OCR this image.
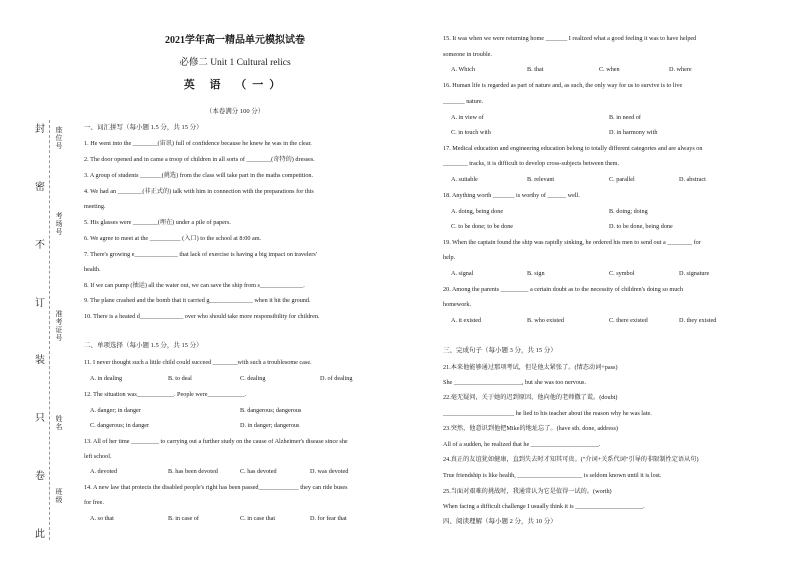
封
密
不
订
装
只
卷
此
座位号
考场号
准考证号
姓名
班级
2021学年高一精品单元模拟试卷
必修二 Unit 1 Cultural relics
英 语 （一）
（本卷满分 100 分）
一、词汇拼写（每小题 1.5 分，共 15 分）
1. He went into the ________(宙讯) full of confidence because he knew he was in the clear.
2. The door opened and in came a troop of children in all sorts of ________(奇特的) dresses.
3. A group of students _______(挑选) from the class will take part in the maths competition.
4. We had an ________(非正式的) talk with him in connection with the preparations for this
meeting.
5. His glasses were ________(埋在) under a pile of papers.
6. We agree to meet at the __________ (入口) to the school at 8:00 am.
7. There's growing e______________ that lack of exercise is having a big impact on travelers'
health.
8. If we can pump (抽运) all the water out, we can save the ship from s______________.
9. The plane crashed and the bomb that it carried g______________ when it hit the ground.
10. There is a heated d______________ over who should take more responsibility for children.
二、单项选择（每小题 1.5 分，共 15 分）
11. I never thought such a little child could succeed ________with such a troublesome case.
A. in dealing	B. to deal	C. dealing	D. of dealing
12. The situation was____________. People were____________.
A. danger; in danger	B. dangerous; dangerous
C. dangerous; in danger	D. in danger; dangerous
13. All of her time _________ to carrying out a further study on the cause of Alzheimer's disease since she
left school.
A. devoted	B. has been devoted	C. has devoted	D. was devoted
14. A new law that protects the disabled people's right has been passed_____________ they can ride buses
for free.
A. so that	B. in case of	C. in case that	D. for fear that
15. It was when we were returning home _______ I realized what a good feeling it was to have helped
someone in trouble.
A. Which	B. that	C. when	D. where
16. Human life is regarded as part of nature and, as such, the only way for us to survive is to live
_______ nature.
A. in view of	B. in need of
C. in touch with	D. in harmony with
17. Medical education and engineering education belong to totally different categories and are always on
________ tracks, it is difficult to develop cross-subjects between them.
A. suitable	B. relevant	C. parallel	D. abstract
18. Anything worth _______ is worthy of ______ well.
A. doing, being done	B. doing; doing
C. to be done; to be done	D. to be done, being done
19. When the captain found the ship was rapidly sinking, he ordered his men to send out a ________ for
help.
A. signal	B. sign	C. symbol	D. signature
20. Among the parents _________ a certain doubt as to the necessity of children's doing so much
homework.
A. it existed	B. who existed	C. there existed	D. they existed
三、完成句子（每小题 3 分，共 15 分）
21.本来他能够通过那项考试，但是他太紧张了。(情态动词+pass)
She ______________________, but she was too nervous.
22.毫无疑问，关于她的迟到原因，他向他的老师撒了谎。(doubt)
_______________________ he lied to his teacher about the reason why he was late.
23.突然，他意识到他把Mike的地址忘了。(have sth. done, address)
All of a sudden, he realized that he ______________________.
24.真正的友谊犹如健康，直到失去时才知其可贵。("介词+关系代词"引导的非限制性定语从句)
True friendship is like health, _____________________ is seldom known until it is lost.
25.当面对艰难的挑战时，我通常认为它是值得一试的。(worth)
When facing a difficult challenge I usually think it is ______________________.
四、阅读理解（每小题 2 分，共 10 分）
